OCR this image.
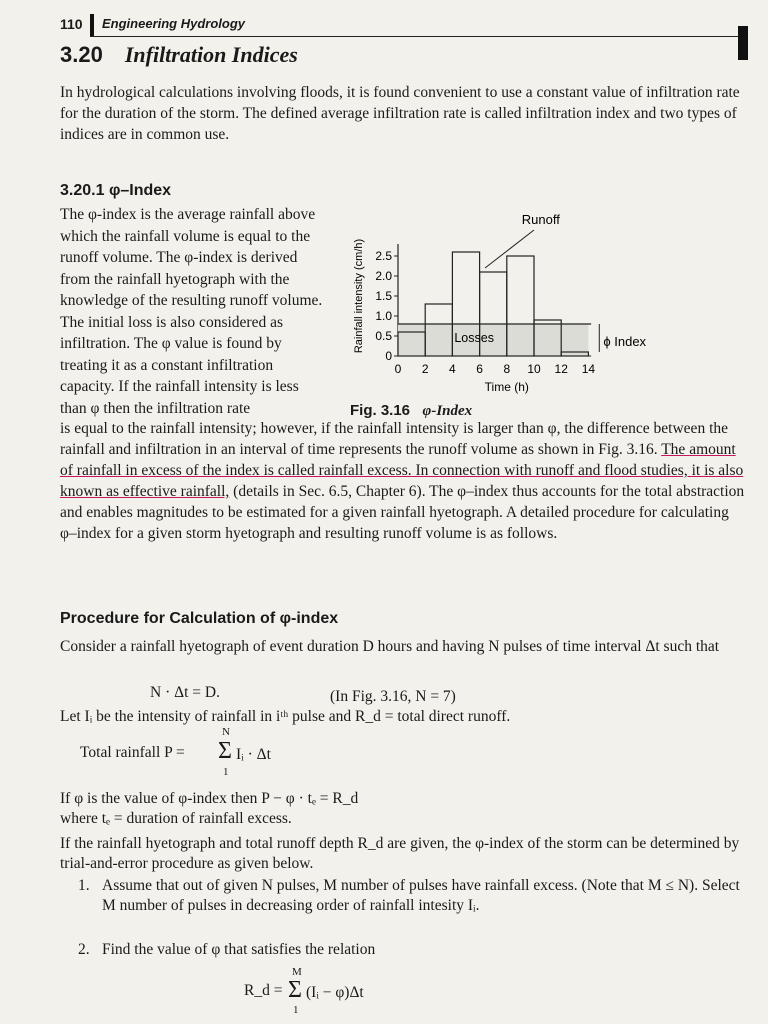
110 Engineering Hydrology
3.20 Infiltration Indices
In hydrological calculations involving floods, it is found convenient to use a constant value of infiltration rate for the duration of the storm. The defined average infiltration rate is called infiltration index and two types of indices are in common use.
3.20.1 φ–Index
The φ-index is the average rainfall above which the rainfall volume is equal to the runoff volume. The φ-index is derived from the rainfall hyetograph with the knowledge of the resulting runoff volume. The initial loss is also considered as infiltration. The φ value is found by treating it as a constant infiltration capacity. If the rainfall intensity is less than φ then the infiltration rate
0
0.5
1.0
1.5
2.0
2.5
0 2 4 6 8 10 12 14
Rainfall intensity (cm/h)
Time (h)
Runoff
Losses	ϕ Index
Fig. 3.16 φ-Index
is equal to the rainfall intensity; however, if the rainfall intensity is larger than φ, the difference between the rainfall and infiltration in an interval of time represents the runoff volume as shown in Fig. 3.16. The amount of rainfall in excess of the index is called rainfall excess. In connection with runoff and flood studies, it is also known as effective rainfall, (details in Sec. 6.5, Chapter 6). The φ–index thus accounts for the total abstraction and enables magnitudes to be estimated for a given rainfall hyetograph. A detailed procedure for calculating φ–index for a given storm hyetograph and resulting runoff volume is as follows.
Procedure for Calculation of φ-index
Consider a rainfall hyetograph of event duration D hours and having N pulses of time interval Δt such that
N · Δt = D.	(In Fig. 3.16, N = 7)
Let Iᵢ be the intensity of rainfall in iᵗʰ pulse and R_d = total direct runoff.
Total rainfall P =
N
Σ
1
Iᵢ · Δt
If φ is the value of φ-index then P − φ · tₑ = R_d
where tₑ = duration of rainfall excess.
If the rainfall hyetograph and total runoff depth R_d are given, the φ-index of the storm can be determined by trial-and-error procedure as given below.
1. Assume that out of given N pulses, M number of pulses have rainfall excess. (Note that M ≤ N). Select M number of pulses in decreasing order of rainfall intesity Iᵢ.
2. Find the value of φ that satisfies the relation
R_d =
M
Σ
1
(Iᵢ − φ)Δt
